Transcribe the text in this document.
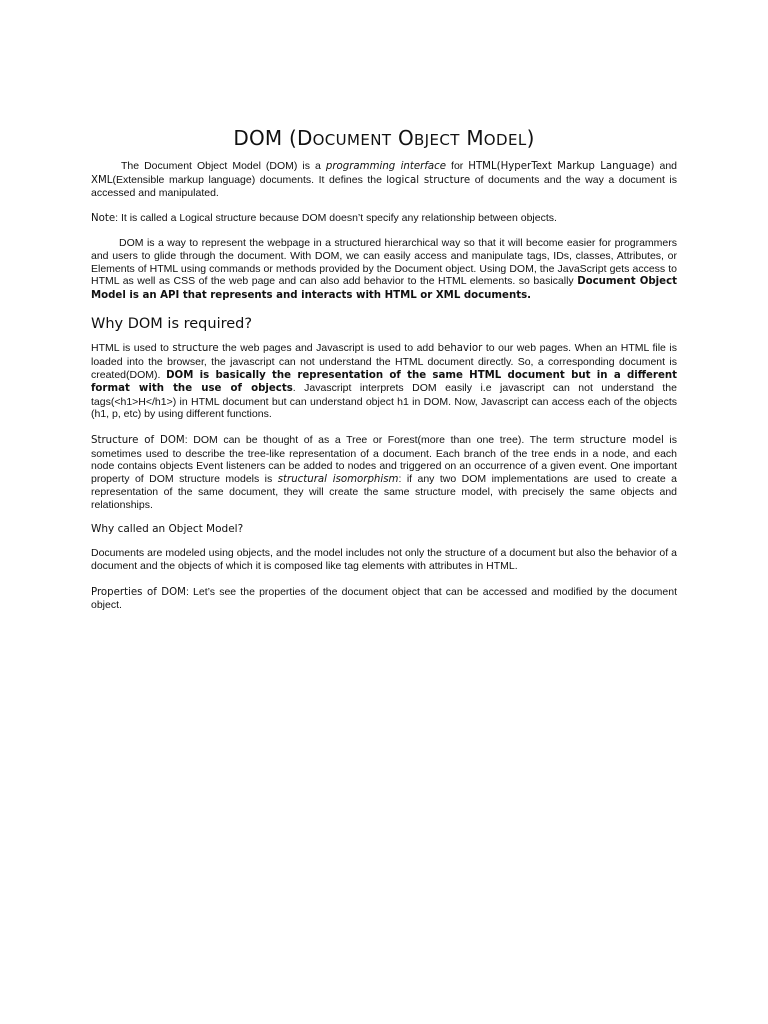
DOM (DOCUMENT OBJECT MODEL)

The Document Object Model (DOM) is a programming interface for HTML(HyperText Markup Language) and XML(Extensible markup language) documents. It defines the logical structure of documents and the way a document is accessed and manipulated.

Note: It is called a Logical structure because DOM doesn’t specify any relationship between objects.

DOM is a way to represent the webpage in a structured hierarchical way so that it will become easier for programmers and users to glide through the document. With DOM, we can easily access and manipulate tags, IDs, classes, Attributes, or Elements of HTML using commands or methods provided by the Document object. Using DOM, the JavaScript gets access to HTML as well as CSS of the web page and can also add behavior to the HTML elements. so basically Document Object Model is an API that represents and interacts with HTML or XML documents.

Why DOM is required?

HTML is used to structure the web pages and Javascript is used to add behavior to our web pages. When an HTML file is loaded into the browser, the javascript can not understand the HTML document directly. So, a corresponding document is created(DOM). DOM is basically the representation of the same HTML document but in a different format with the use of objects. Javascript interprets DOM easily i.e javascript can not understand the tags(<h1>H</h1>) in HTML document but can understand object h1 in DOM. Now, Javascript can access each of the objects (h1, p, etc) by using different functions.

Structure of DOM: DOM can be thought of as a Tree or Forest(more than one tree). The term structure model is sometimes used to describe the tree-like representation of a document. Each branch of the tree ends in a node, and each node contains objects Event listeners can be added to nodes and triggered on an occurrence of a given event. One important property of DOM structure models is structural isomorphism: if any two DOM implementations are used to create a representation of the same document, they will create the same structure model, with precisely the same objects and relationships.

Why called an Object Model?

Documents are modeled using objects, and the model includes not only the structure of a document but also the behavior of a document and the objects of which it is composed like tag elements with attributes in HTML.

Properties of DOM: Let’s see the properties of the document object that can be accessed and modified by the document object.
